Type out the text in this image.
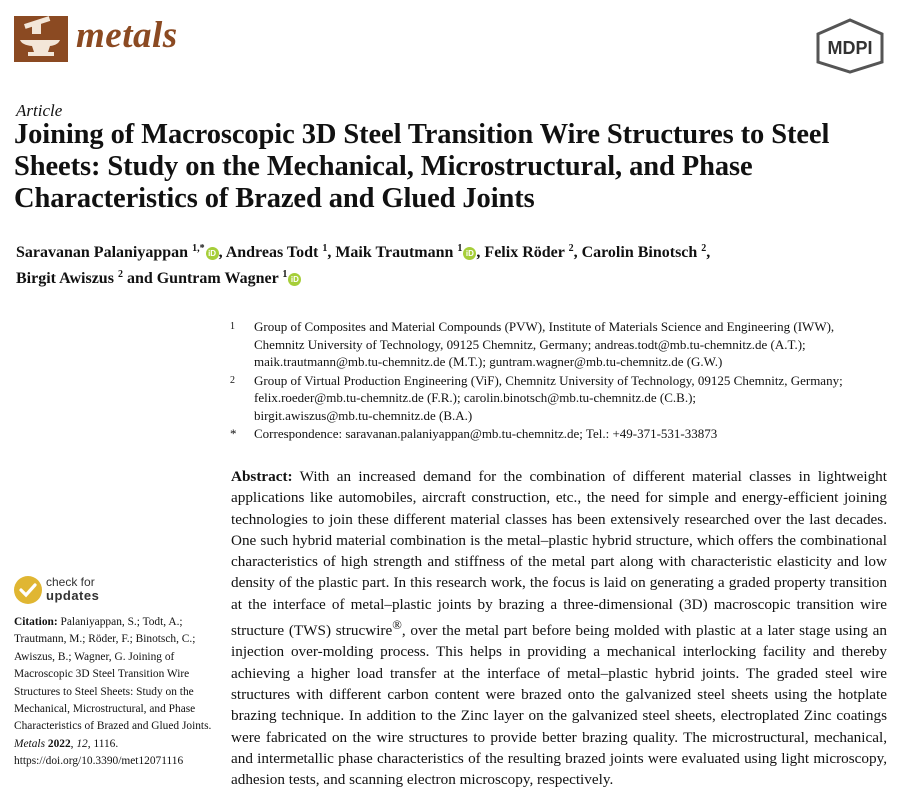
metals	MDPI
Article
Joining of Macroscopic 3D Steel Transition Wire Structures to Steel Sheets: Study on the Mechanical, Microstructural, and Phase Characteristics of Brazed and Glued Joints
Saravanan Palaniyappan $^{1,*}$ iD , Andreas Todt $^1$, Maik Trautmann $^1$ iD , Felix Röder $^2$, Carolin Binotsch $^2$,
Birgit Awiszus $^2$ and Guntram Wagner $^1$ iD
1	Group of Composites and Material Compounds (PVW), Institute of Materials Science and Engineering (IWW),
Chemnitz University of Technology, 09125 Chemnitz, Germany; andreas.todt@mb.tu-chemnitz.de (A.T.);
maik.trautmann@mb.tu-chemnitz.de (M.T.); guntram.wagner@mb.tu-chemnitz.de (G.W.)
2	Group of Virtual Production Engineering (ViF), Chemnitz University of Technology, 09125 Chemnitz, Germany;
felix.roeder@mb.tu-chemnitz.de (F.R.); carolin.binotsch@mb.tu-chemnitz.de (C.B.);
birgit.awiszus@mb.tu-chemnitz.de (B.A.)
*	Correspondence: saravanan.palaniyappan@mb.tu-chemnitz.de; Tel.: +49-371-531-33873
Abstract: With an increased demand for the combination of different material classes in lightweight applications like automobiles, aircraft construction, etc., the need for simple and energy-efficient joining technologies to join these different material classes has been extensively researched over the last decades. One such hybrid material combination is the metal–plastic hybrid structure, which offers the combinational characteristics of high strength and stiffness of the metal part along with characteristic elasticity and low density of the plastic part. In this research work, the focus is laid on generating a graded property transition at the interface of metal–plastic joints by brazing a three-dimensional (3D) macroscopic transition wire structure (TWS) strucwire®, over the metal part before being molded with plastic at a later stage using an injection over-molding process. This helps in providing a mechanical interlocking facility and thereby achieving a higher load transfer at the interface of metal–plastic hybrid joints. The graded steel wire structures with different carbon content were brazed onto the galvanized steel sheets using the hotplate brazing technique. In addition to the Zinc layer on the galvanized steel sheets, electroplated Zinc coatings were fabricated on the wire structures to provide better brazing quality. The microstructural, mechanical, and intermetallic phase characteristics of the resulting brazed joints were evaluated using light microscopy, adhesion tests, and scanning electron microscopy, respectively.
check for
updates
Citation: Palaniyappan, S.; Todt, A.; Trautmann, M.; Röder, F.; Binotsch, C.; Awiszus, B.; Wagner, G. Joining of Macroscopic 3D Steel Transition Wire Structures to Steel Sheets: Study on the Mechanical, Microstructural, and Phase Characteristics of Brazed and Glued Joints. Metals 2022, 12, 1116.
https://doi.org/10.3390/met12071116
